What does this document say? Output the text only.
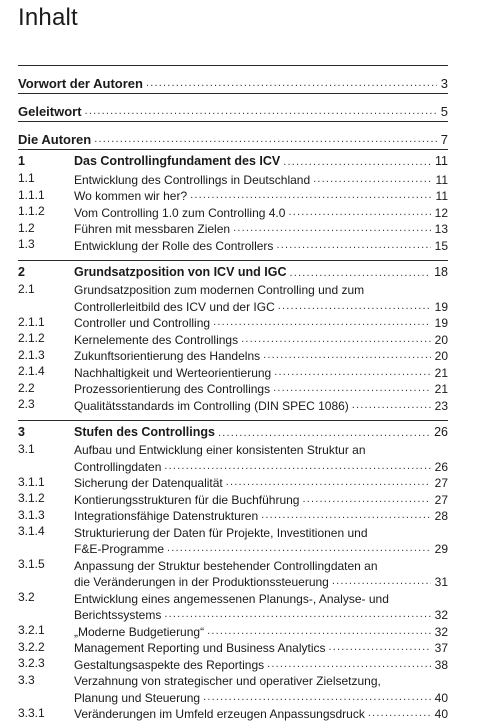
Inhalt
Vorwort der Autoren .....	3
Geleitwort .....	5
Die Autoren .....	7
1	Das Controllingfundament des ICV .....	11
1.1	Entwicklung des Controllings in Deutschland .....	11
1.1.1	Wo kommen wir her? .....	11
1.1.2	Vom Controlling 1.0 zum Controlling 4.0 .....	12
1.2	Führen mit messbaren Zielen .....	13
1.3	Entwicklung der Rolle des Controllers .....	15
2	Grundsatzposition von ICV und IGC .....	18
2.1	Grundsatzposition zum modernen Controlling und zum
Controllerleitbild des ICV und der IGC .....	19
2.1.1	Controller und Controlling .....	19
2.1.2	Kernelemente des Controllings .....	20
2.1.3	Zukunftsorientierung des Handelns .....	20
2.1.4	Nachhaltigkeit und Werteorientierung .....	21
2.2	Prozessorientierung des Controllings .....	21
2.3	Qualitätsstandards im Controlling (DIN SPEC 1086) .....	23
3	Stufen des Controllings .....	26
3.1	Aufbau und Entwicklung einer konsistenten Struktur an
Controllingdaten .....	26
3.1.1	Sicherung der Datenqualität .....	27
3.1.2	Kontierungsstrukturen für die Buchführung .....	27
3.1.3	Integrationsfähige Datenstrukturen .....	28
3.1.4	Strukturierung der Daten für Projekte, Investitionen und
F&E-Programme .....	29
3.1.5	Anpassung der Struktur bestehender Controllingdaten an
die Veränderungen in der Produktionssteuerung .....	31
3.2	Entwicklung eines angemessenen Planungs-, Analyse- und
Berichtssystems .....	32
3.2.1	„Moderne Budgetierung“ .....	32
3.2.2	Management Reporting und Business Analytics .....	37
3.2.3	Gestaltungsaspekte des Reportings .....	38
3.3	Verzahnung von strategischer und operativer Zielsetzung,
Planung und Steuerung .....	40
3.3.1	Veränderungen im Umfeld erzeugen Anpassungsdruck .....	40
